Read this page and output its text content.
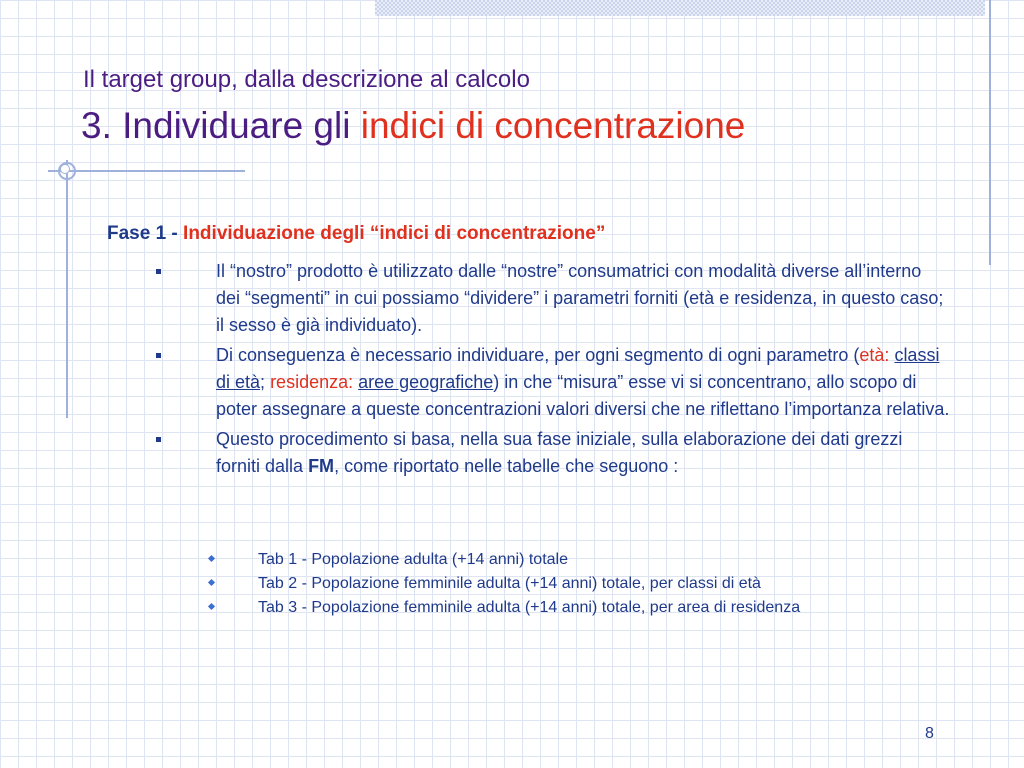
Il target group, dalla descrizione al calcolo
3. Individuare gli indici di concentrazione
Fase 1 - Individuazione degli “indici di concentrazione”
Il “nostro” prodotto è utilizzato dalle “nostre” consumatrici con modalità diverse all’interno dei “segmenti” in cui possiamo “dividere” i parametri forniti (età e residenza, in questo caso; il sesso è già individuato).
Di conseguenza è necessario individuare, per ogni segmento di ogni parametro (età: classi di età; residenza: aree geografiche) in che “misura” esse vi si concentrano, allo scopo di poter assegnare a queste concentrazioni valori diversi che ne riflettano l’importanza relativa.
Questo procedimento si basa, nella sua fase iniziale, sulla elaborazione dei dati grezzi forniti dalla FM, come riportato nelle tabelle che seguono :
Tab 1 - Popolazione adulta (+14 anni) totale
Tab 2 - Popolazione femminile adulta (+14 anni) totale, per classi di età
Tab 3 - Popolazione femminile adulta (+14 anni) totale, per area di residenza
8
